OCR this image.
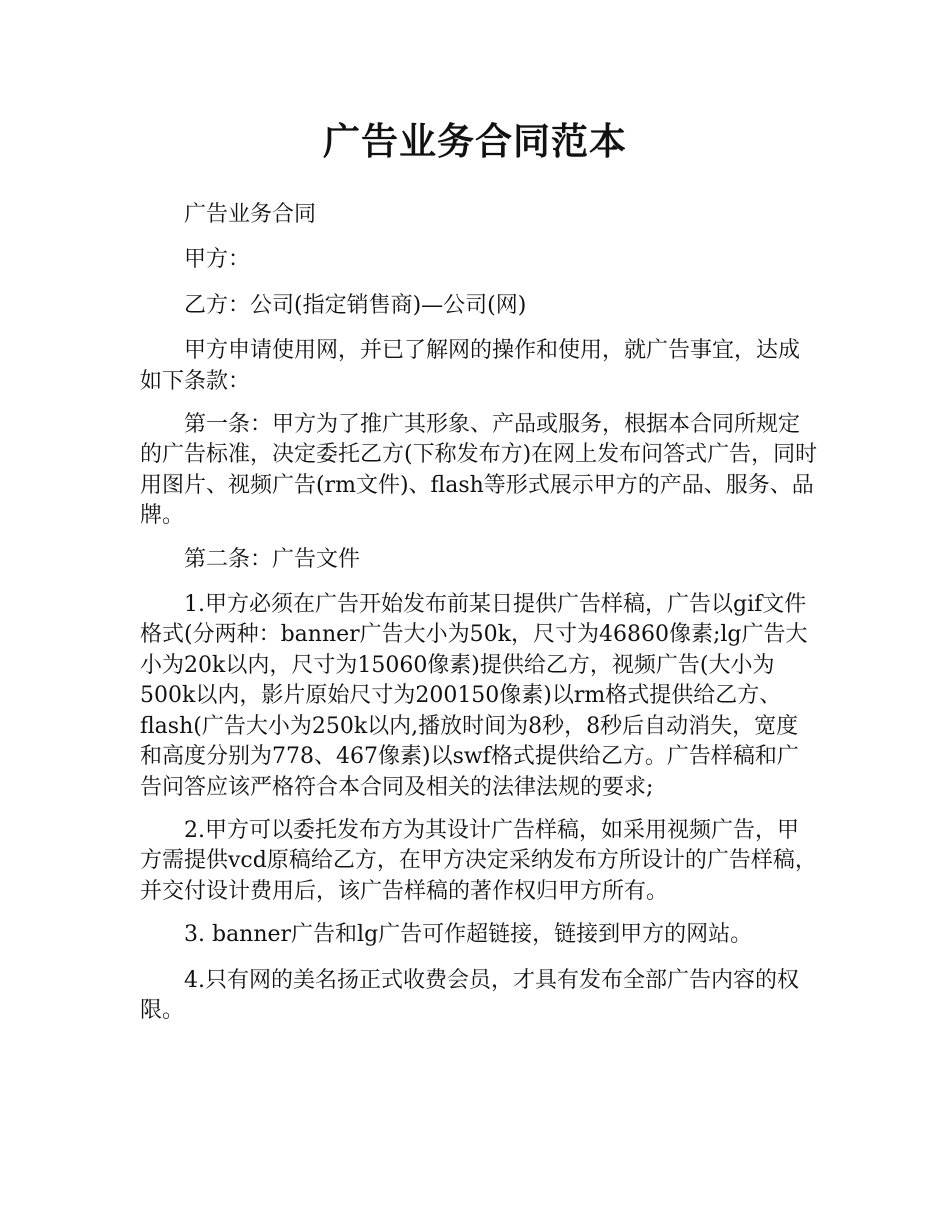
广告业务合同范本

广告业务合同

甲方：

乙方：公司(指定销售商)—公司(网)

甲方申请使用网，并已了解网的操作和使用，就广告事宜，达成如下条款：

第一条：甲方为了推广其形象、产品或服务，根据本合同所规定的广告标准，决定委托乙方(下称发布方)在网上发布问答式广告，同时用图片、视频广告(rm文件)、flash等形式展示甲方的产品、服务、品牌。

第二条：广告文件

1.甲方必须在广告开始发布前某日提供广告样稿，广告以gif文件格式(分两种：banner广告大小为50k，尺寸为46860像素;lg广告大小为20k以内，尺寸为15060像素)提供给乙方，视频广告(大小为500k以内，影片原始尺寸为200150像素)以rm格式提供给乙方、flash(广告大小为250k以内,播放时间为8秒，8秒后自动消失，宽度和高度分别为778、467像素)以swf格式提供给乙方。广告样稿和广告问答应该严格符合本合同及相关的法律法规的要求;

2.甲方可以委托发布方为其设计广告样稿，如采用视频广告，甲方需提供vcd原稿给乙方，在甲方决定采纳发布方所设计的广告样稿，并交付设计费用后，该广告样稿的著作权归甲方所有。

3. banner广告和lg广告可作超链接，链接到甲方的网站。

4.只有网的美名扬正式收费会员，才具有发布全部广告内容的权限。
